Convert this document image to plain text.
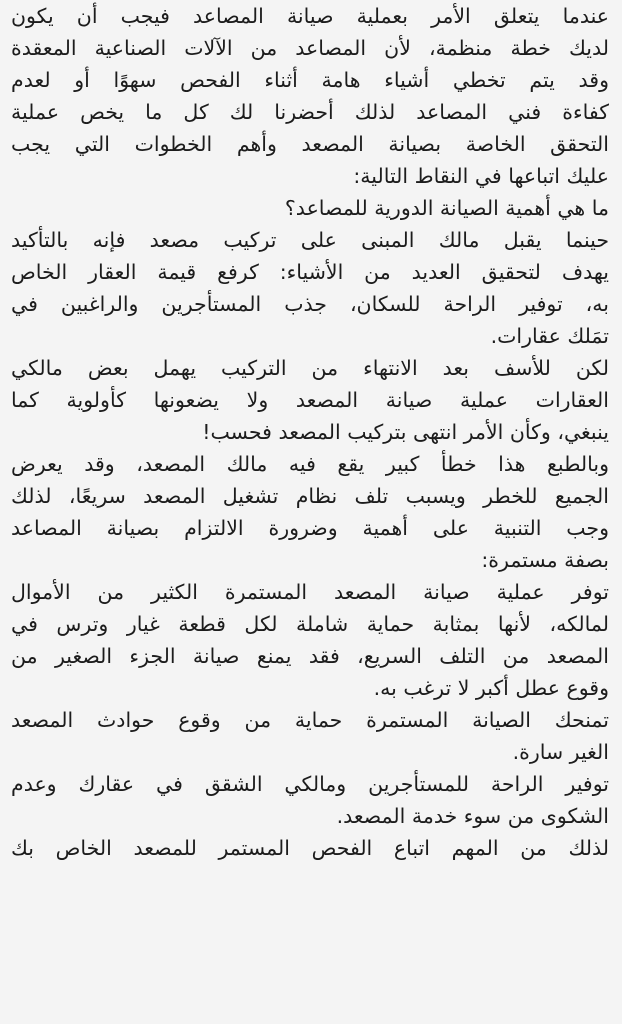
عندما يتعلق الأمر بعملية صيانة المصاعد فيجب أن يكون
لديك خطة منظمة، لأن المصاعد من الآلات الصناعية المعقدة
وقد يتم تخطي أشياء هامة أثناء الفحص سهوًا أو لعدم
كفاءة فني المصاعد لذلك أحضرنا لك كل ما يخص عملية
التحقق الخاصة بصيانة المصعد وأهم الخطوات التي يجب
عليك اتباعها في النقاط التالية:
ما هي أهمية الصيانة الدورية للمصاعد؟
حينما يقبل مالك المبنى على تركيب مصعد فإنه بالتأكيد
يهدف لتحقيق العديد من الأشياء: كرفع قيمة العقار الخاص
به، توفير الراحة للسكان، جذب المستأجرين والراغبين في
تمَلك عقارات.
لكن للأسف بعد الانتهاء من التركيب يهمل بعض مالكي
العقارات عملية صيانة المصعد ولا يضعونها كأولوية كما
ينبغي، وكأن الأمر انتهى بتركيب المصعد فحسب!
وبالطبع هذا خطأ كبير يقع فيه مالك المصعد، وقد يعرض
الجميع للخطر ويسبب تلف نظام تشغيل المصعد سريعًا، لذلك
وجب التنبية على أهمية وضرورة الالتزام بصيانة المصاعد
بصفة مستمرة:
توفر عملية صيانة المصعد المستمرة الكثير من الأموال
لمالكه، لأنها بمثابة حماية شاملة لكل قطعة غيار وترس في
المصعد من التلف السريع، فقد يمنع صيانة الجزء الصغير من
وقوع عطل أكبر لا ترغب به.
تمنحك الصيانة المستمرة حماية من وقوع حوادث المصعد
الغير سارة.
توفير الراحة للمستأجرين ومالكي الشقق في عقارك وعدم
الشكوى من سوء خدمة المصعد.
لذلك من المهم اتباع الفحص المستمر للمصعد الخاص بك
